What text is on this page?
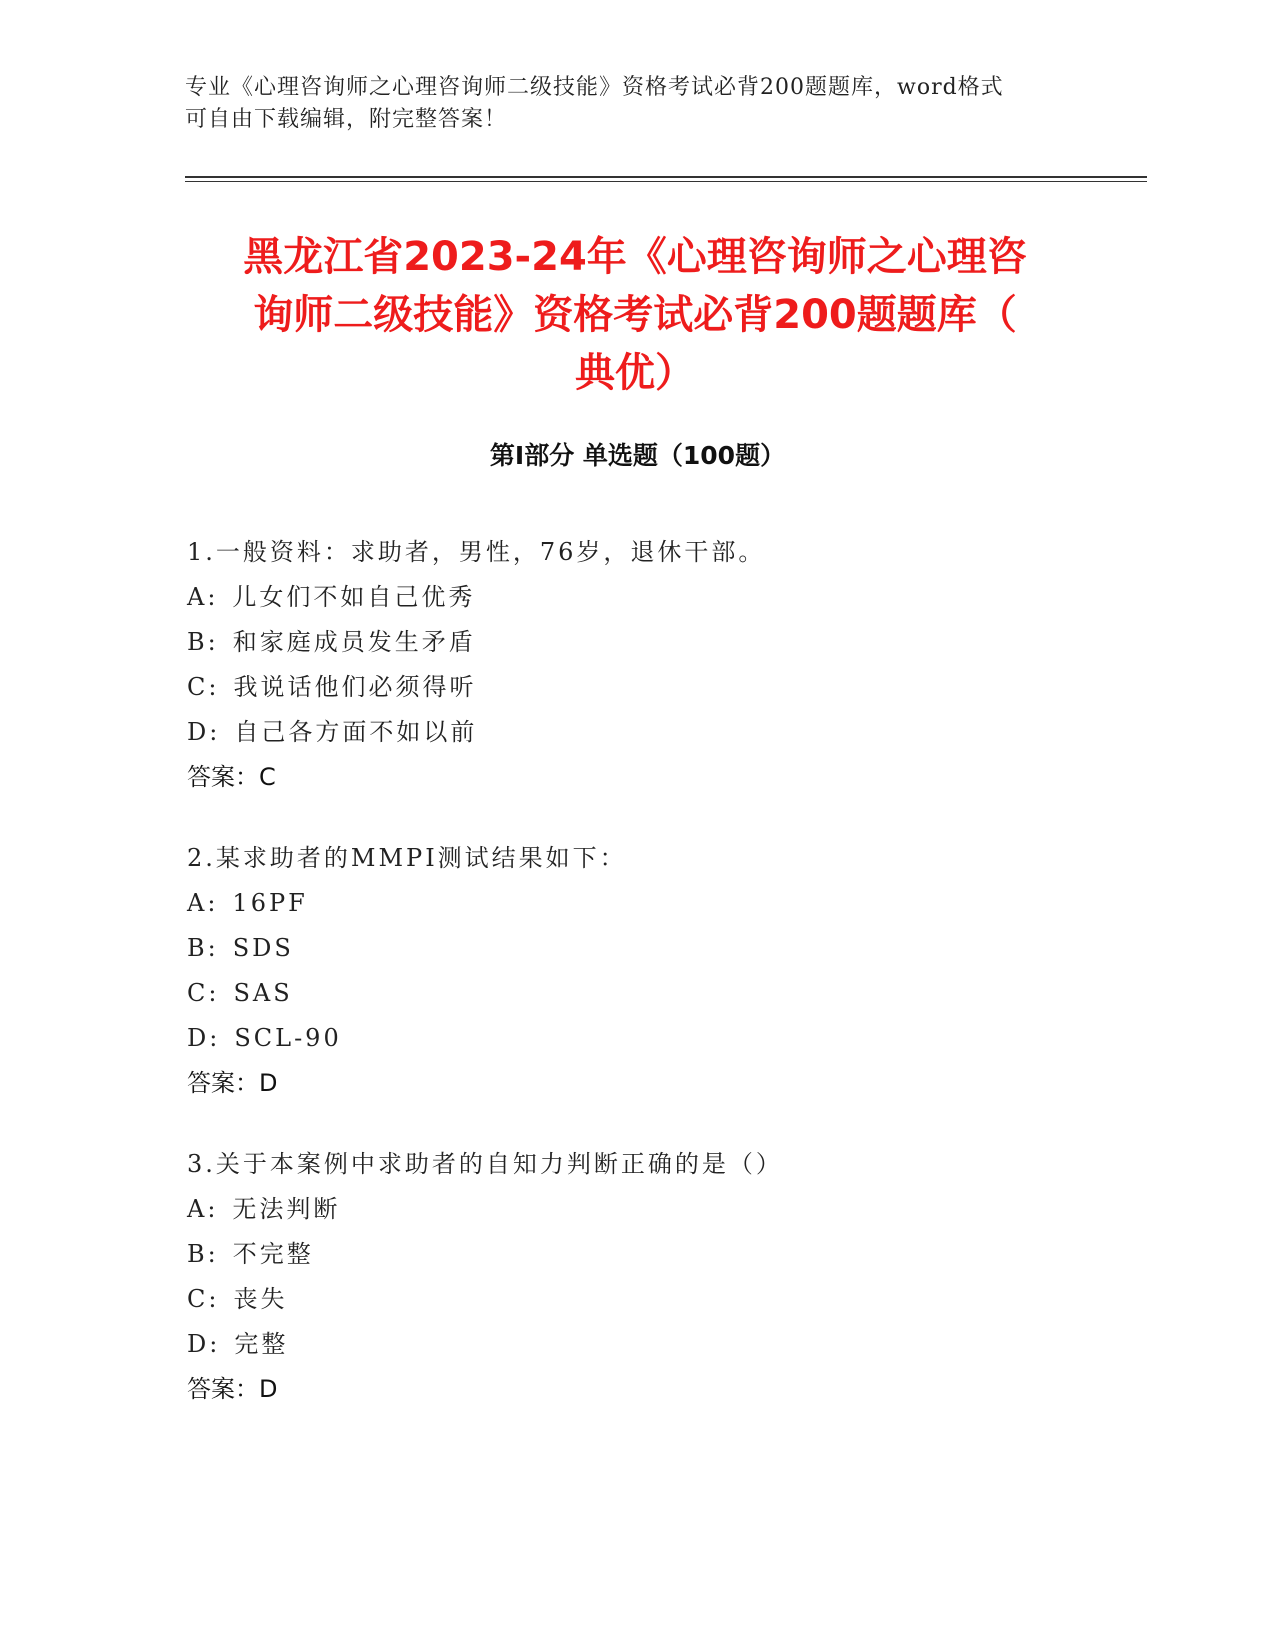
专业《心理咨询师之心理咨询师二级技能》资格考试必背200题题库，word格式
可自由下载编辑，附完整答案！
黑龙江省2023-24年《心理咨询师之心理咨
询师二级技能》资格考试必背200题题库（
典优）
第Ⅰ部分 单选题（100题）
1.一般资料：求助者，男性，76岁，退休干部。
A: 儿女们不如自己优秀
B: 和家庭成员发生矛盾
C: 我说话他们必须得听
D: 自己各方面不如以前
答案：C
2.某求助者的MMPI测试结果如下：
A: 16PF
B: SDS
C: SAS
D: SCL-90
答案：D
3.关于本案例中求助者的自知力判断正确的是（）
A: 无法判断
B: 不完整
C: 丧失
D: 完整
答案：D
